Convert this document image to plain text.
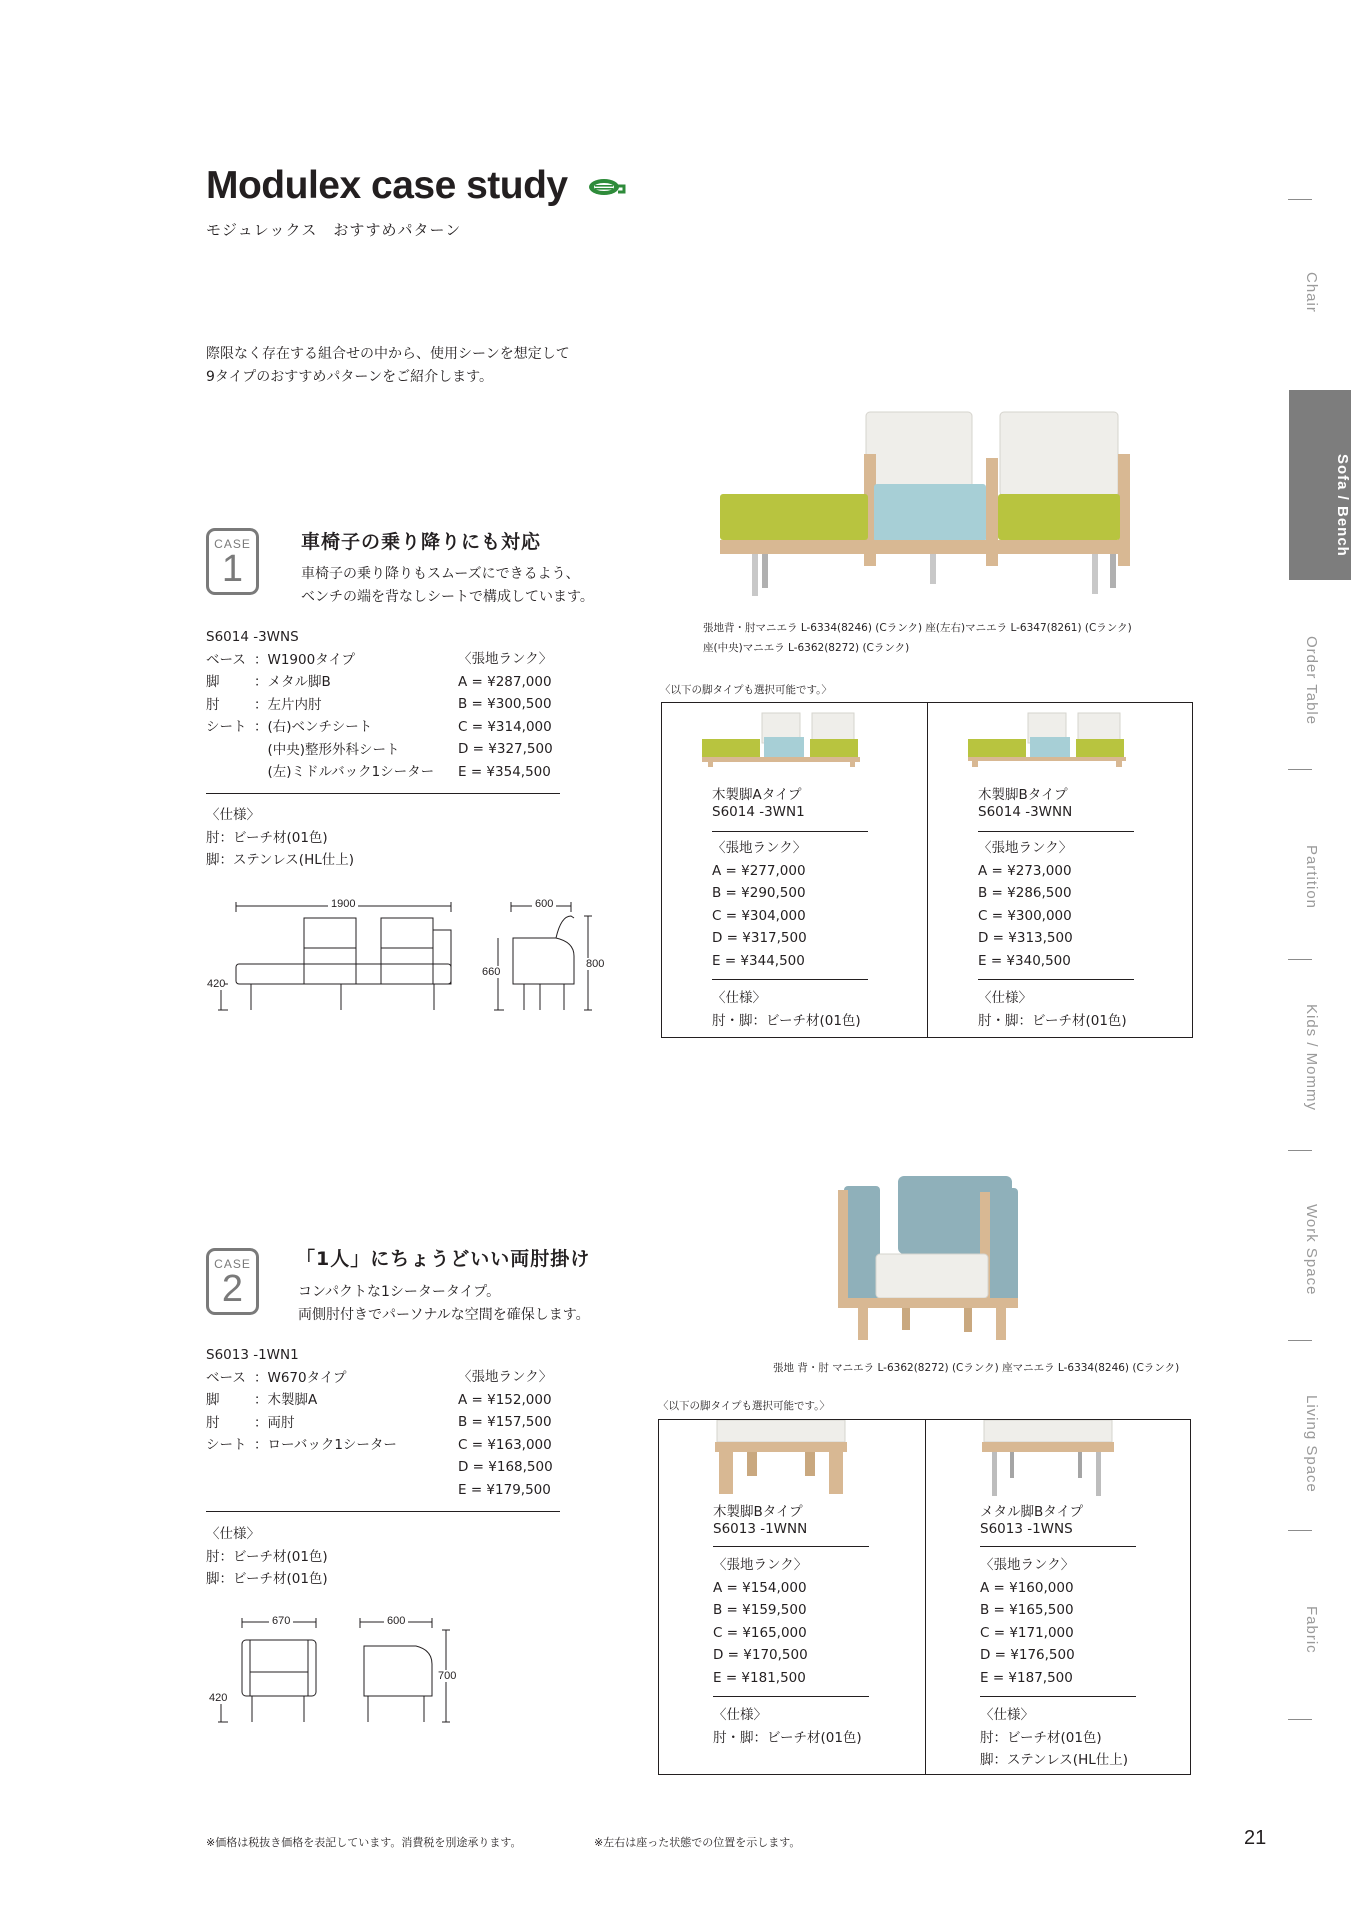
Modulex case study
モジュレックス　おすすめパターン
際限なく存在する組合せの中から、使用シーンを想定して
9タイプのおすすめパターンをご紹介します。
CASE
1
車椅子の乗り降りにも対応
車椅子の乗り降りもスムーズにできるよう、
ベンチの端を背なしシートで構成しています。
S6014 -3WNS
ベース ：W1900タイプ
脚	：メタル脚B
肘	：左片内肘
シート ：(右)ベンチシート
　(中央)整形外科シート
　(左)ミドルバック1シーター
〈張地ランク〉
A = ¥287,000
B = ¥300,500
C = ¥314,000
D = ¥327,500
E = ¥354,500
〈仕様〉
肘：ビーチ材(01色)
脚：ステンレス(HL仕上)
1900
420
600
800
660
張地背・肘マニエラ L-6334(8246) (Cランク) 座(左右)マニエラ L-6347(8261) (Cランク)
座(中央)マニエラ L-6362(8272) (Cランク)
〈以下の脚タイプも選択可能です。〉
木製脚Aタイプ
S6014 -3WN1
〈張地ランク〉
A = ¥277,000
B = ¥290,500
C = ¥304,000
D = ¥317,500
E = ¥344,500
〈仕様〉
肘・脚：ビーチ材(01色)
木製脚Bタイプ
S6014 -3WNN
〈張地ランク〉
A = ¥273,000
B = ¥286,500
C = ¥300,000
D = ¥313,500
E = ¥340,500
〈仕様〉
肘・脚：ビーチ材(01色)
CASE
2
「1人」にちょうどいい両肘掛け
コンパクトな1シータータイプ。
両側肘付きでパーソナルな空間を確保します。
S6013 -1WN1
ベース ：W670タイプ
脚	：木製脚A
肘	：両肘
シート ：ローバック1シーター
〈張地ランク〉
A = ¥152,000
B = ¥157,500
C = ¥163,000
D = ¥168,500
E = ¥179,500
〈仕様〉
肘：ビーチ材(01色)
脚：ビーチ材(01色)
670
420
600
700
張地 背・肘 マニエラ L-6362(8272) (Cランク) 座マニエラ L-6334(8246) (Cランク)
〈以下の脚タイプも選択可能です。〉
木製脚Bタイプ
S6013 -1WNN
〈張地ランク〉
A = ¥154,000
B = ¥159,500
C = ¥165,000
D = ¥170,500
E = ¥181,500
〈仕様〉
肘・脚：ビーチ材(01色)
メタル脚Bタイプ
S6013 -1WNS
〈張地ランク〉
A = ¥160,000
B = ¥165,500
C = ¥171,000
D = ¥176,500
E = ¥187,500
〈仕様〉
肘：ビーチ材(01色)
脚：ステンレス(HL仕上)
※価格は税抜き価格を表記しています。消費税を別途承ります。	※左右は座った状態での位置を示します。	21
Chair
Sofa / Bench
Order Table
Partition
Kids / Mommy
Work Space
Living Space
Fabric
